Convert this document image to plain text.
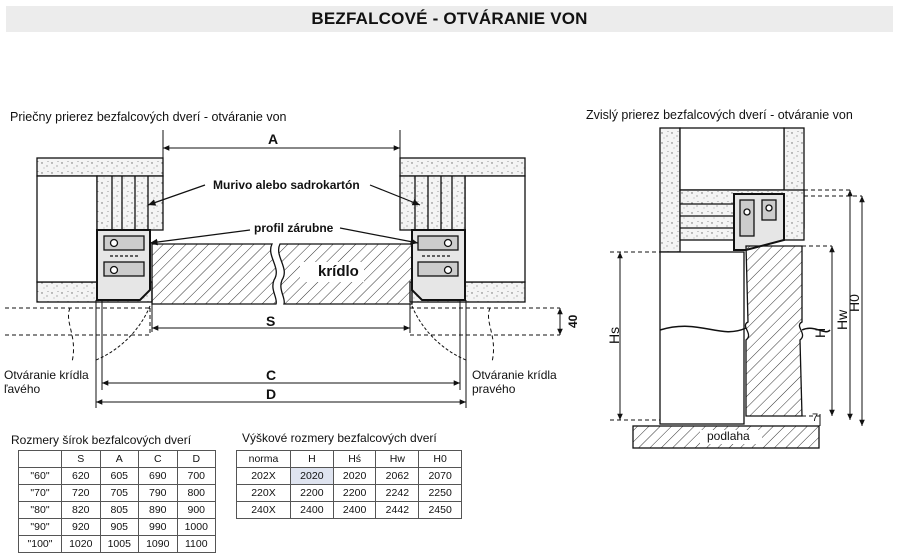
BEZFALCOVÉ - OTVÁRANIE VON
Priečny prierez bezfalcových dverí - otváranie von	Zvislý prierez bezfalcových dverí - otváranie von
A
Murivo alebo sadrokartón
profil zárubne
krídlo
S
C
D
40
Otváranie krídla
ľavého
Otváranie krídla
pravého
Hs	H
Hw
H0
7
podlaha
Rozmery šírok bezfalcových dverí
	S	A	C	D
"60"	620	605	690	700
"70"	720	705	790	800
"80"	820	805	890	900
"90"	920	905	990	1000
"100"	1020	1005	1090	1100
Výškové rozmery bezfalcových dverí
norma	H	Hś	Hw	H0
202X	2020	2020	2062	2070
220X	2200	2200	2242	2250
240X	2400	2400	2442	2450
